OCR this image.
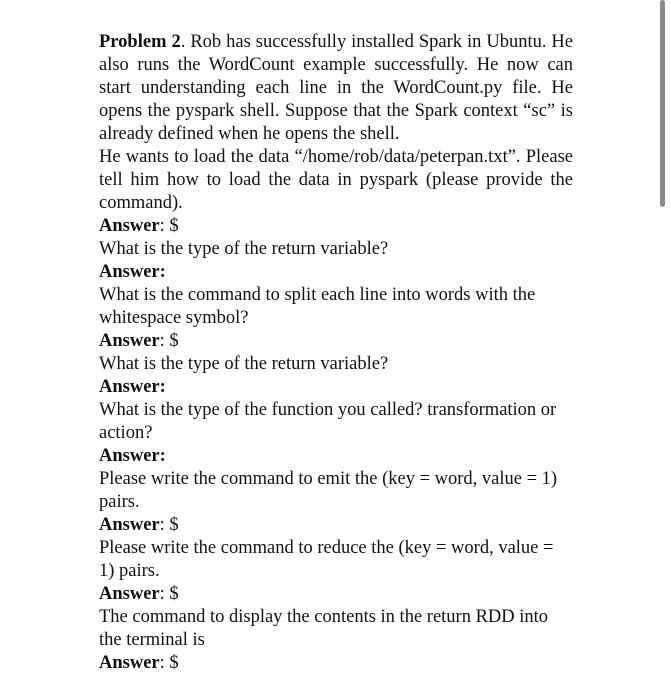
Problem 2. Rob has successfully installed Spark in Ubuntu. He also runs the WordCount example successfully. He now can start understanding each line in the WordCount.py file. He opens the pyspark shell. Suppose that the Spark context “sc” is already defined when he opens the shell.

He wants to load the data “/home/rob/data/peterpan.txt”. Please tell him how to load the data in pyspark (please provide the command).

Answer: $

What is the type of the return variable?

Answer:

What is the command to split each line into words with the whitespace symbol?

Answer: $

What is the type of the return variable?

Answer:

What is the type of the function you called? transformation or action?

Answer:

Please write the command to emit the (key = word, value = 1) pairs.

Answer: $

Please write the command to reduce the (key = word, value = 1) pairs.

Answer: $

The command to display the contents in the return RDD into the terminal is

Answer: $
